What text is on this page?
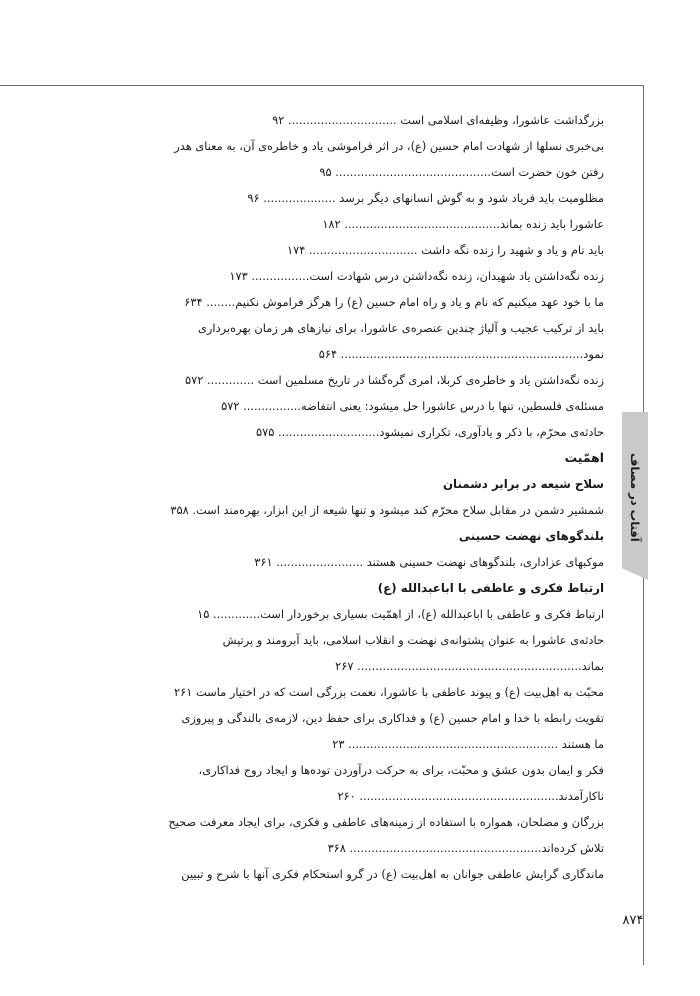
آفتاب در مصاف
۸۷۴
بزرگداشت عاشورا، وظیفه‌ای اسلامی است .............................. ۹۲
بی‌خبری نسلها از شهادت امام حسین (ع)، در اثر فراموشی یاد و خاطره‌ی آن، به معنای هدر
رفتن خون حضرت است........................................... ۹۵
مظلومیت باید فریاد شود و به گوش انسانهای دیگر برسد .................... ۹۶
عاشورا باید زنده بماند........................................... ۱۸۲
باید نام و یاد و شهید را زنده نگه داشت .............................. ۱۷۴
زنده نگه‌داشتن یاد شهیدان، زنده نگه‌داشتن درس شهادت است................ ۱۷۳
ما با خود عهد میکنیم که نام و یاد و راه امام حسین (ع) را هرگز فراموش نکنیم........ ۶۳۴
باید از ترکیب عجیب و آلیاژ چندین عنصره‌ی عاشورا، برای نیازهای هر زمان بهره‌برداری
نمود................................................................... ۵۶۴
زنده نگه‌داشتن یاد و خاطره‌ی کربلا، امری گره‌گشا در تاریخ مسلمین است ............. ۵۷۲
مسئله‌ی فلسطین، تنها با درس عاشورا حل میشود: یعنی انتفاضه................ ۵۷۲
حادثه‌ی محرّم، با ذکر و یادآوری، تکراری نمیشود............................ ۵۷۵
اهمّیت
سلاح شیعه در برابر دشمنان
شمشیر دشمن در مقابل سلاح محرّم کند میشود و تنها شیعه از این ابزار، بهره‌مند است. ۳۵۸
بلندگوهای نهضت حسینی
موکبهای عزاداری، بلندگوهای نهضت حسینی هستند ........................ ۳۶۱
ارتباط فکری و عاطفی با اباعبدالله (ع)
ارتباط فکری و عاطفی با اباعبدالله (ع)، از اهمّیت بسیاری برخوردار است............. ۱۵
حادثه‌ی عاشورا به عنوان پشتوانه‌ی نهضت و انقلاب اسلامی، باید آبرومند و پرتپش
بماند.............................................................. ۲۶۷
محبّت به اهل‌بیت (ع) و پیوند عاطفی با عاشورا، نعمت بزرگی است که در اختیار ماست ۲۶۱
تقویت رابطه با خدا و امام حسین (ع) و فداکاری برای حفظ دین، لازمه‌ی بالندگی و پیروزی
ما هستند .......................................................... ۲۳
فکر و ایمان بدون عشق و محبّت، برای به حرکت درآوردن توده‌ها و ایجاد روح فداکاری،
ناکارآمدند....................................................... ۲۶۰
بزرگان و مصلحان، همواره با استفاده از زمینه‌های عاطفی و فکری، برای ایجاد معرفت صحیح
تلاش کرده‌اند..................................................... ۳۶۸
ماندگاری گرایش عاطفی جوانان به اهل‌بیت (ع) در گرو استحکام فکری آنها با شرح و تبیین
